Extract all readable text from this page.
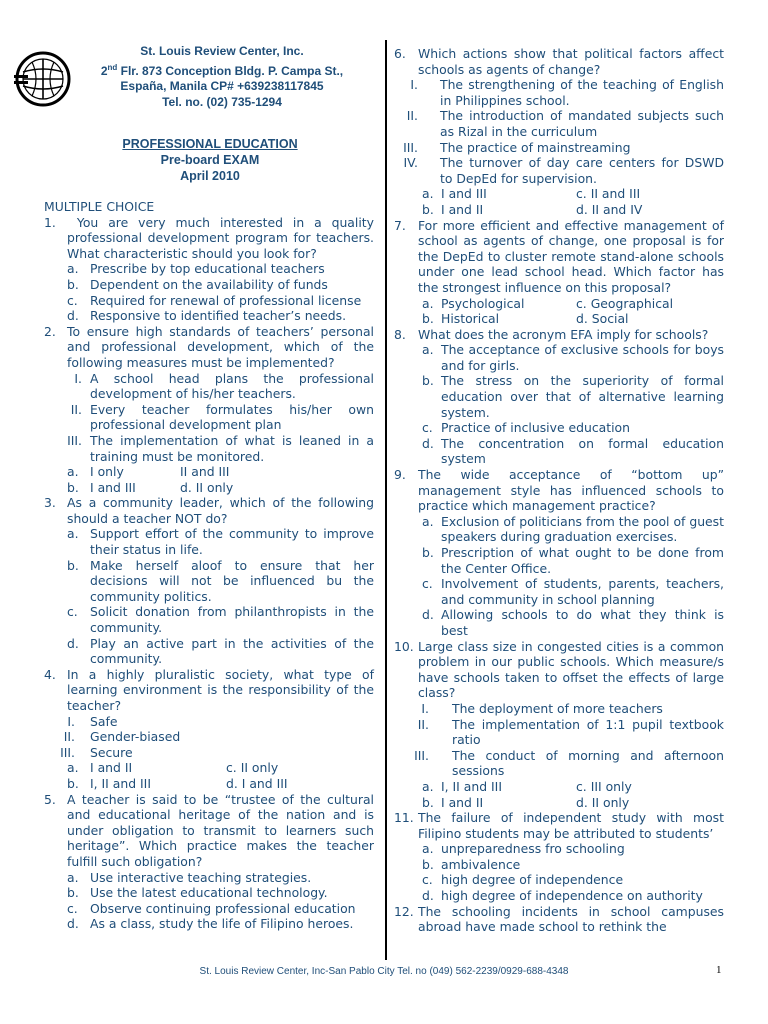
St. Louis Review Center, Inc.
2nd Flr. 873 Conception Bldg. P. Campa St.,
España, Manila CP# +639238117845
Tel. no. (02) 735-1294
PROFESSIONAL EDUCATION
Pre-board EXAM
April 2010
MULTIPLE CHOICE
1. You are very much interested in a quality professional development program for teachers. What characteristic should you look for?
a. Prescribe by top educational teachers
b. Dependent on the availability of funds
c. Required for renewal of professional license
d. Responsive to identified teacher’s needs.
2. To ensure high standards of teachers’ personal and professional development, which of the following measures must be implemented?
I. A school head plans the professional development of his/her teachers.
II. Every teacher formulates his/her own professional development plan
III. The implementation of what is leaned in a training must be monitored.
a. I only	II and III
b. I and III	d. II only
3. As a community leader, which of the following should a teacher NOT do?
a. Support effort of the community to improve their status in life.
b. Make herself aloof to ensure that her decisions will not be influenced bu the community politics.
c. Solicit donation from philanthropists in the community.
d. Play an active part in the activities of the community.
4. In a highly pluralistic society, what type of learning environment is the responsibility of the teacher?
I. Safe
II. Gender-biased
III. Secure
a. I and II	c. II only
b. I, II and III	d. I and III
5. A teacher is said to be “trustee of the cultural and educational heritage of the nation and is under obligation to transmit to learners such heritage”. Which practice makes the teacher fulfill such obligation?
a. Use interactive teaching strategies.
b. Use the latest educational technology.
c. Observe continuing professional education
d. As a class, study the life of Filipino heroes.
6. Which actions show that political factors affect schools as agents of change?
I. The strengthening of the teaching of English in Philippines school.
II. The introduction of mandated subjects such as Rizal in the curriculum
III. The practice of mainstreaming
IV. The turnover of day care centers for DSWD to DepEd for supervision.
a. I and III	c. II and III
b. I and II	d. II and IV
7. For more efficient and effective management of school as agents of change, one proposal is for the DepEd to cluster remote stand-alone schools under one lead school head. Which factor has the strongest influence on this proposal?
a. Psychological	c. Geographical
b. Historical	d. Social
8. What does the acronym EFA imply for schools?
a. The acceptance of exclusive schools for boys and for girls.
b. The stress on the superiority of formal education over that of alternative learning system.
c. Practice of inclusive education
d. The concentration on formal education system
9. The wide acceptance of “bottom up” management style has influenced schools to practice which management practice?
a. Exclusion of politicians from the pool of guest speakers during graduation exercises.
b. Prescription of what ought to be done from the Center Office.
c. Involvement of students, parents, teachers, and community in school planning
d. Allowing schools to do what they think is best
10. Large class size in congested cities is a common problem in our public schools. Which measure/s have schools taken to offset the effects of large class?
I. The deployment of more teachers
II. The implementation of 1:1 pupil textbook ratio
III. The conduct of morning and afternoon sessions
a. I, II and III	c. III only
b. I and II	d. II only
11. The failure of independent study with most Filipino students may be attributed to students’
a. unpreparedness fro schooling
b. ambivalence
c. high degree of independence
d. high degree of independence on authority
12. The schooling incidents in school campuses abroad have made school to rethink the
St. Louis Review Center, Inc-San Pablo City Tel. no (049) 562-2239/0929-688-4348	1
